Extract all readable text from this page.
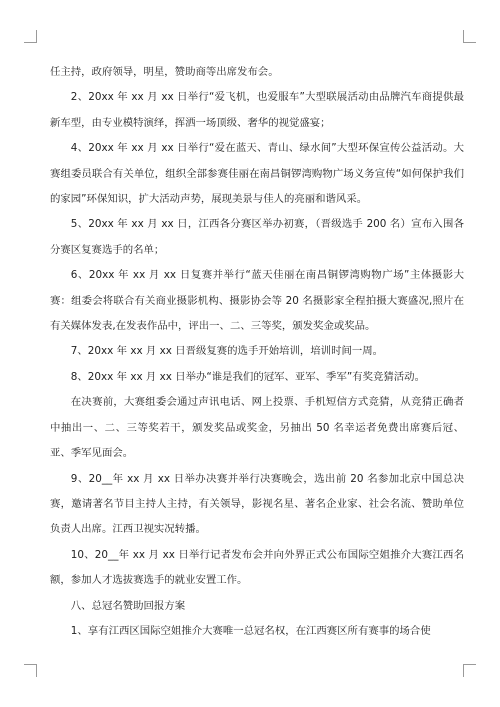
任主持，政府领导，明星，赞助商等出席发布会。

2、20xx 年 xx 月 xx 日举行“爱飞机，也爱服车”大型联展活动由品牌汽车商提供最新车型，由专业模特演绎，挥洒一场顶级、奢华的视觉盛宴；

4、20xx 年 xx 月 xx 日举行“爱在蓝天、青山、绿水间”大型环保宣传公益活动。大赛组委员联合有关单位，组织全部参赛佳丽在南昌铜锣湾购物广场义务宣传“如何保护我们的家园”环保知识，扩大活动声势，展现美景与佳人的亮丽和谐风采。

5、20xx 年 xx 月 xx 日，江西各分赛区举办初赛，（晋级选手 200 名）宣布入围各分赛区复赛选手的名单；

6、20xx 年 xx 月 xx 日复赛并举行“蓝天佳丽在南昌铜锣湾购物广场”主体摄影大赛：组委会将联合有关商业摄影机构、摄影协会等 20 名摄影家全程拍摄大赛盛况,照片在有关媒体发表,在发表作品中，评出一、二、三等奖，颁发奖金或奖品。

7、20xx 年 xx 月 xx 日晋级复赛的选手开始培训，培训时间一周。

8、20xx 年 xx 月 xx 日举办“谁是我们的冠军、亚军、季军”有奖竞猜活动。

在决赛前，大赛组委会通过声讯电话、网上投票、手机短信方式竞猜，从竞猜正确者中抽出一、二、三等奖若干，颁发奖品或奖金，另抽出 50 名幸运者免费出席赛后冠、亚、季军见面会。

9、20__年 xx 月 xx 日举办决赛并举行决赛晚会，选出前 20 名参加北京中国总决赛，邀请著名节目主持人主持，有关领导，影视名星、著名企业家、社会名流、赞助单位负责人出席。江西卫视实况转播。

10、20__年 xx 月 xx 日举行记者发布会并向外界正式公布国际空姐推介大赛江西名额，参加人才选拔赛选手的就业安置工作。

八、总冠名赞助回报方案

1、享有江西区国际空姐推介大赛唯一总冠名权，在江西赛区所有赛事的场合使
